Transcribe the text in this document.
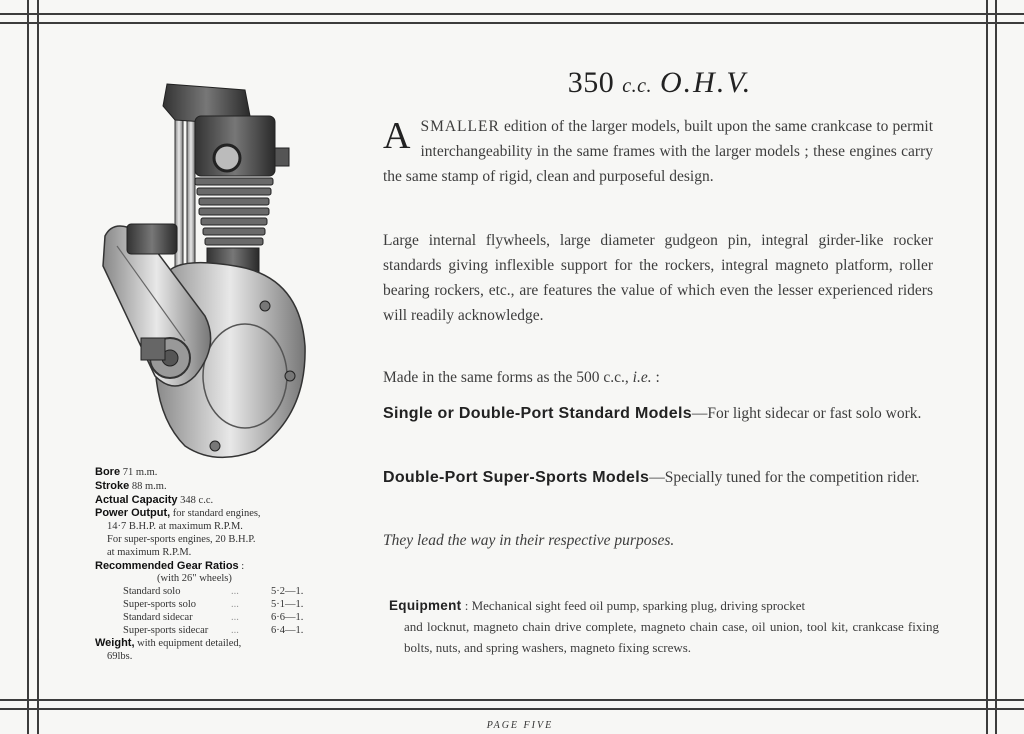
350 c.c. O.H.V.
ASMALLER edition of the larger models, built upon the same crankcase to permit interchangeability in the same frames with the larger models ; these engines carry the same stamp of rigid, clean and purposeful design.
Large internal flywheels, large diameter gudgeon pin, integral girder-like rocker standards giving inflexible support for the rockers, integral magneto platform, roller bearing rockers, etc., are features the value of which even the lesser experienced riders will readily acknowledge.
Made in the same forms as the 500 c.c., i.e. :
Single or Double-Port Standard Models—For light sidecar or fast solo work.
Double-Port Super-Sports Models—Specially tuned for the competition rider.
They lead the way in their respective purposes.
Equipment : Mechanical sight feed oil pump, sparking plug, driving sprocket
and locknut, magneto chain drive complete, magneto chain case, oil union, tool kit, crankcase fixing bolts, nuts, and spring washers, magneto fixing screws.
Bore 71 m.m.
Stroke 88 m.m.
Actual Capacity 348 c.c.
Power Output, for standard engines,
14·7 B.H.P. at maximum R.P.M.
For super-sports engines, 20 B.H.P.
at maximum R.P.M.
Recommended Gear Ratios :
(with 26" wheels)
Standard solo	...	5·2—1.
Super-sports solo	...	5·1—1.
Standard sidecar	...	6·6—1.
Super-sports sidecar	...	6·4—1.
Weight, with equipment detailed,
69lbs.
PAGE FIVE
